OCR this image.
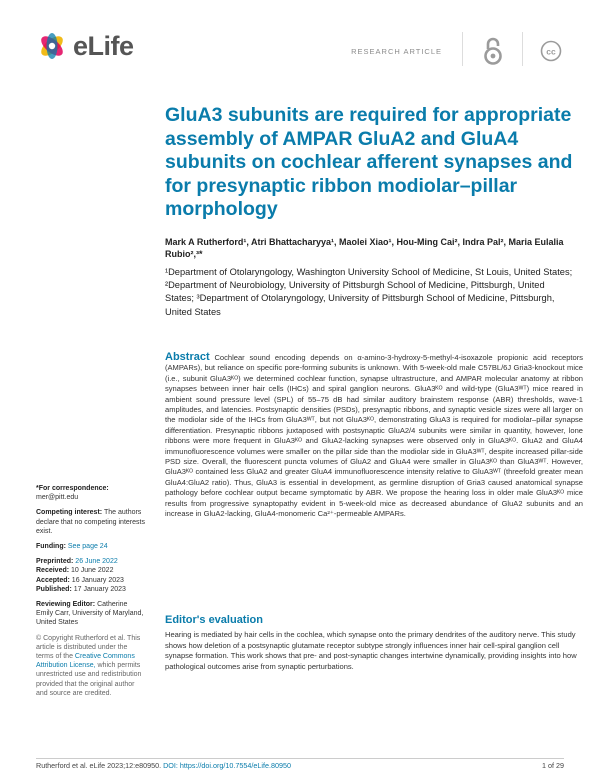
eLife	RESEARCH ARTICLE	cc
GluA3 subunits are required for appropriate assembly of AMPAR GluA2 and GluA4 subunits on cochlear afferent synapses and for presynaptic ribbon modiolar–pillar morphology
Mark A Rutherford¹, Atri Bhattacharyya¹, Maolei Xiao¹, Hou-Ming Cai², Indra Pal², Maria Eulalia Rubio²,³*
¹Department of Otolaryngology, Washington University School of Medicine, St Louis, United States; ²Department of Neurobiology, University of Pittsburgh School of Medicine, Pittsburgh, United States; ³Department of Otolaryngology, University of Pittsburgh School of Medicine, Pittsburgh, United States
Abstract Cochlear sound encoding depends on α-amino-3-hydroxy-5-methyl-4-isoxazole propionic acid receptors (AMPARs), but reliance on specific pore-forming subunits is unknown. With 5-week-old male C57BL/6J Gria3-knockout mice (i.e., subunit GluA3ᴷᴼ) we determined cochlear function, synapse ultrastructure, and AMPAR molecular anatomy at ribbon synapses between inner hair cells (IHCs) and spiral ganglion neurons. GluA3ᴷᴼ and wild-type (GluA3ᵂᵀ) mice reared in ambient sound pressure level (SPL) of 55–75 dB had similar auditory brainstem response (ABR) thresholds, wave-1 amplitudes, and latencies. Postsynaptic densities (PSDs), presynaptic ribbons, and synaptic vesicle sizes were all larger on the modiolar side of the IHCs from GluA3ᵂᵀ, but not GluA3ᴷᴼ, demonstrating GluA3 is required for modiolar–pillar synapse differentiation. Presynaptic ribbons juxtaposed with postsynaptic GluA2/4 subunits were similar in quantity, however, lone ribbons were more frequent in GluA3ᴷᴼ and GluA2-lacking synapses were observed only in GluA3ᴷᴼ. GluA2 and GluA4 immunofluorescence volumes were smaller on the pillar side than the modiolar side in GluA3ᵂᵀ, despite increased pillar-side PSD size. Overall, the fluorescent puncta volumes of GluA2 and GluA4 were smaller in GluA3ᴷᴼ than GluA3ᵂᵀ. However, GluA3ᴷᴼ contained less GluA2 and greater GluA4 immunofluorescence intensity relative to GluA3ᵂᵀ (threefold greater mean GluA4:GluA2 ratio). Thus, GluA3 is essential in development, as germline disruption of Gria3 caused anatomical synapse pathology before cochlear output became symptomatic by ABR. We propose the hearing loss in older male GluA3ᴷᴼ mice results from progressive synaptopathy evident in 5-week-old mice as decreased abundance of GluA2 subunits and an increase in GluA2-lacking, GluA4-monomeric Ca²⁺-permeable AMPARs.
Editor's evaluation
Hearing is mediated by hair cells in the cochlea, which synapse onto the primary dendrites of the auditory nerve. This study shows how deletion of a postsynaptic glutamate receptor subtype strongly influences inner hair cell-spiral ganglion cell synapse formation. This work shows that pre- and post-synaptic changes intertwine dynamically, providing insights into how pathological outcomes arise from synaptic perturbations.
*For correspondence:
mer@pitt.edu
Competing interest: The authors declare that no competing interests exist.
Funding: See page 24
Preprinted: 26 June 2022
Received: 10 June 2022
Accepted: 16 January 2023
Published: 17 January 2023
Reviewing Editor: Catherine Emily Carr, University of Maryland, United States
© Copyright Rutherford et al. This article is distributed under the terms of the Creative Commons Attribution License, which permits unrestricted use and redistribution provided that the original author and source are credited.
Rutherford et al. eLife 2023;12:e80950. DOI: https://doi.org/10.7554/eLife.80950	1 of 29
